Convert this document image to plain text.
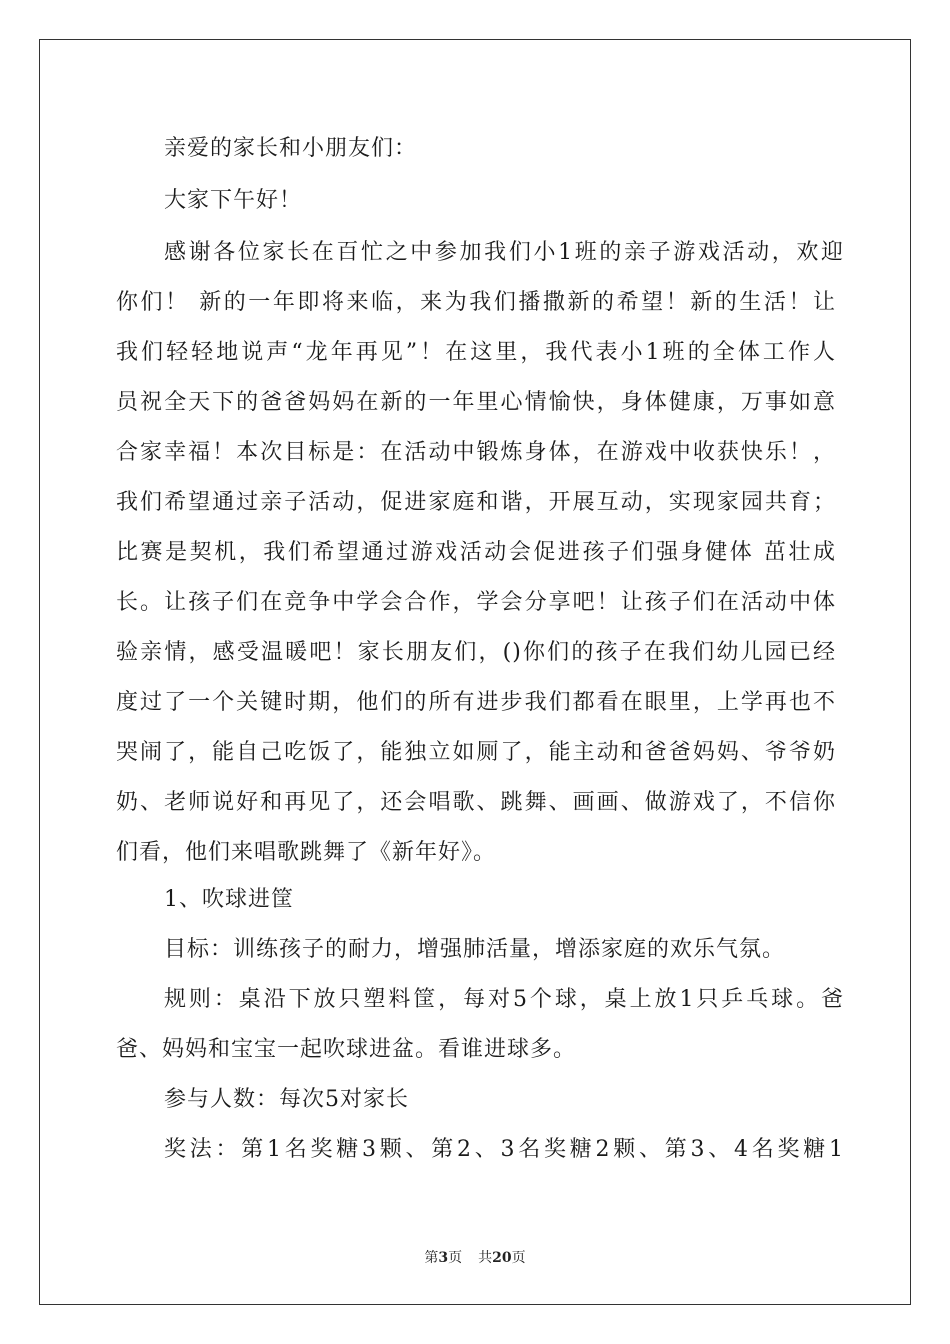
亲爱的家长和小朋友们：
大家下午好！
感谢各位家长在百忙之中参加我们小1班的亲子游戏活动，欢迎
你们！ 新的一年即将来临，来为我们播撒新的希望！新的生活！让
我们轻轻地说声“龙年再见”！在这里，我代表小1班的全体工作人
员祝全天下的爸爸妈妈在新的一年里心情愉快，身体健康，万事如意
合家幸福！本次目标是：在活动中锻炼身体，在游戏中收获快乐！，
我们希望通过亲子活动，促进家庭和谐，开展互动，实现家园共育；
比赛是契机，我们希望通过游戏活动会促进孩子们强身健体 茁壮成
长。让孩子们在竞争中学会合作，学会分享吧！让孩子们在活动中体
验亲情，感受温暖吧！家长朋友们，()你们的孩子在我们幼儿园已经
度过了一个关键时期，他们的所有进步我们都看在眼里，上学再也不
哭闹了，能自己吃饭了，能独立如厕了，能主动和爸爸妈妈、爷爷奶
奶、老师说好和再见了，还会唱歌、跳舞、画画、做游戏了，不信你
们看，他们来唱歌跳舞了《新年好》。
1、吹球进筐
目标：训练孩子的耐力，增强肺活量，增添家庭的欢乐气氛。
规则：桌沿下放只塑料筐，每对5个球，桌上放1只乒乓球。爸
爸、妈妈和宝宝一起吹球进盆。看谁进球多。
参与人数：每次5对家长
奖法：第1名奖糖3颗、第2、3名奖糖2颗、第3、4名奖糖1
第3页 共20页
